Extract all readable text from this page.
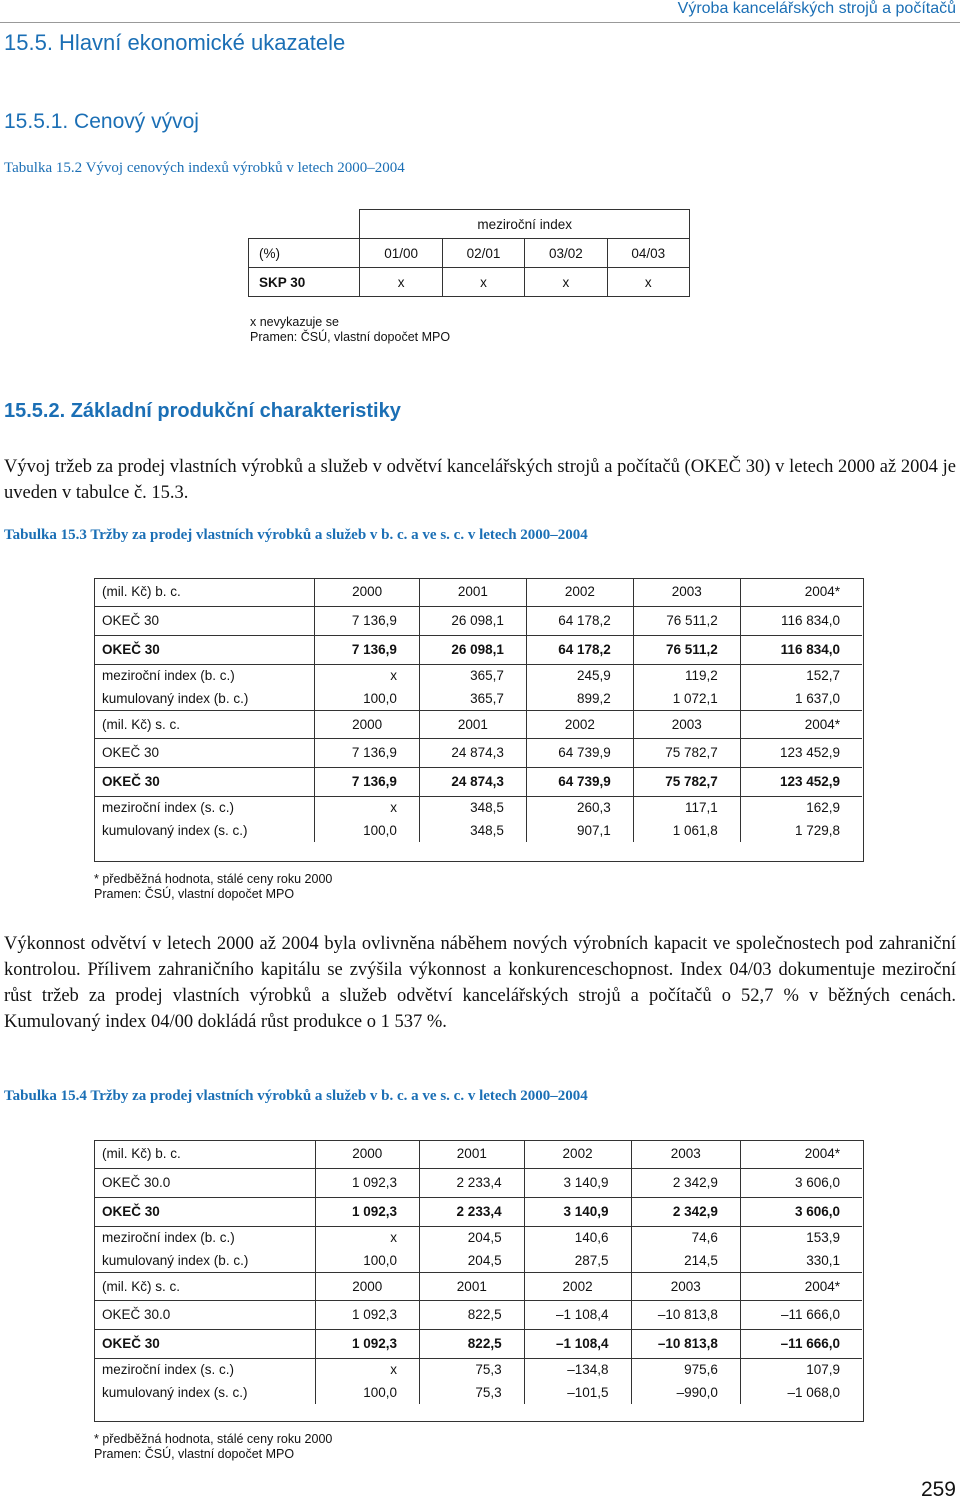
Výroba kancelářských strojů a počítačů
15.5. Hlavní ekonomické ukazatele
15.5.1. Cenový vývoj
Tabulka 15.2 Vývoj cenových indexů výrobků v letech 2000–2004
	meziroční index			
(%)	01/00	02/01	03/02	04/03
SKP 30	x	x	x	x
x nevykazuje se
Pramen: ČSÚ, vlastní dopočet MPO
15.5.2. Základní produkční charakteristiky
Vývoj tržeb za prodej vlastních výrobků a služeb v odvětví kancelářských strojů a počítačů (OKEČ 30) v letech 2000 až 2004 je uveden v tabulce č. 15.3.
Tabulka 15.3 Tržby za prodej vlastních výrobků a služeb v b. c. a ve s. c. v letech 2000–2004
(mil. Kč) b. c.	2000	2001	2002	2003	2004*
OKEČ 30	7 136,9	26 098,1	64 178,2	76 511,2	116 834,0
OKEČ 30	7 136,9	26 098,1	64 178,2	76 511,2	116 834,0
meziroční index (b. c.)	x	365,7	245,9	119,2	152,7
kumulovaný index (b. c.)	100,0	365,7	899,2	1 072,1	1 637,0
(mil. Kč) s. c.	2000	2001	2002	2003	2004*
OKEČ 30	7 136,9	24 874,3	64 739,9	75 782,7	123 452,9
OKEČ 30	7 136,9	24 874,3	64 739,9	75 782,7	123 452,9
meziroční index (s. c.)	x	348,5	260,3	117,1	162,9
kumulovaný index (s. c.)	100,0	348,5	907,1	1 061,8	1 729,8
* předběžná hodnota, stálé ceny roku 2000
Pramen: ČSÚ, vlastní dopočet MPO
Výkonnost odvětví v letech 2000 až 2004 byla ovlivněna náběhem nových výrobních kapacit ve společnostech pod zahraniční kontrolou. Přílivem zahraničního kapitálu se zvýšila výkonnost a konkurenceschopnost. Index 04/03 dokumentuje meziroční růst tržeb za prodej vlastních výrobků a služeb odvětví kancelářských strojů a počítačů o 52,7 % v běžných cenách. Kumulovaný index 04/00 dokládá růst produkce o 1 537 %.
Tabulka 15.4 Tržby za prodej vlastních výrobků a služeb v b. c. a ve s. c. v letech 2000–2004
(mil. Kč) b. c.	2000	2001	2002	2003	2004*
OKEČ 30.0	1 092,3	2 233,4	3 140,9	2 342,9	3 606,0
OKEČ 30	1 092,3	2 233,4	3 140,9	2 342,9	3 606,0
meziroční index (b. c.)	x	204,5	140,6	74,6	153,9
kumulovaný index (b. c.)	100,0	204,5	287,5	214,5	330,1
(mil. Kč) s. c.	2000	2001	2002	2003	2004*
OKEČ 30.0	1 092,3	822,5	–1 108,4	–10 813,8	–11 666,0
OKEČ 30	1 092,3	822,5	–1 108,4	–10 813,8	–11 666,0
meziroční index (s. c.)	x	75,3	–134,8	975,6	107,9
kumulovaný index (s. c.)	100,0	75,3	–101,5	–990,0	–1 068,0
* předběžná hodnota, stálé ceny roku 2000
Pramen: ČSÚ, vlastní dopočet MPO
259
